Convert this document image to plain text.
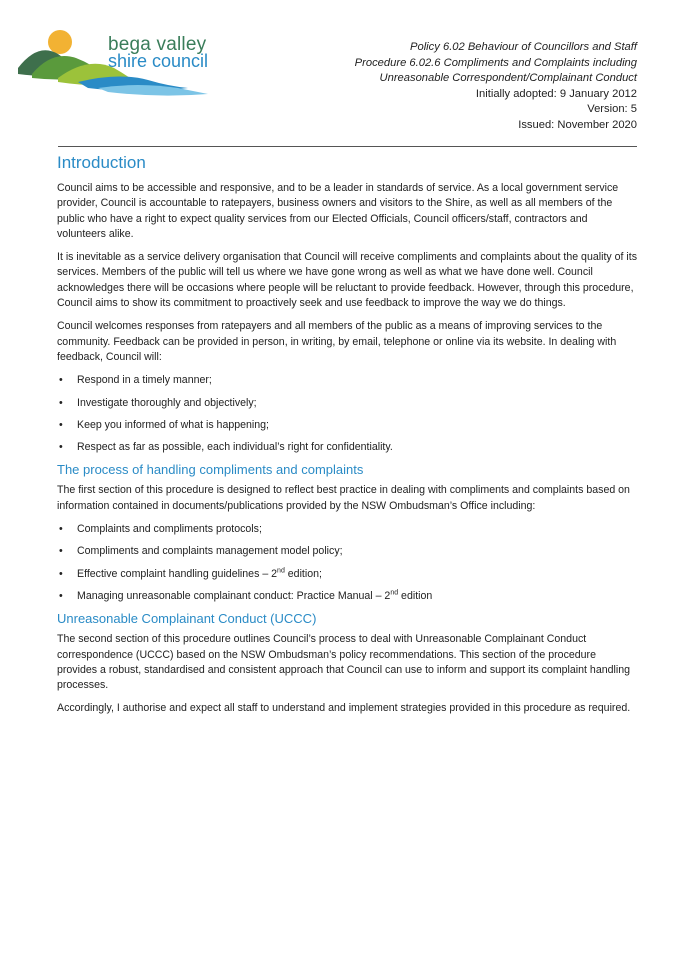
bega valley
shire council
Policy 6.02 Behaviour of Councillors and Staff
Procedure 6.02.6 Compliments and Complaints including
Unreasonable Correspondent/Complainant Conduct
Initially adopted: 9 January 2012
Version: 5
Issued: November 2020
Introduction

Council aims to be accessible and responsive, and to be a leader in standards of service. As a local government service provider, Council is accountable to ratepayers, business owners and visitors to the Shire, as well as all members of the public who have a right to expect quality services from our Elected Officials, Council officers/staff, contractors and volunteers alike.

It is inevitable as a service delivery organisation that Council will receive compliments and complaints about the quality of its services. Members of the public will tell us where we have gone wrong as well as what we have done well. Council acknowledges there will be occasions where people will be reluctant to provide feedback. However, through this procedure, Council aims to show its commitment to proactively seek and use feedback to improve the way we do things.

Council welcomes responses from ratepayers and all members of the public as a means of improving services to the community. Feedback can be provided in person, in writing, by email, telephone or online via its website. In dealing with feedback, Council will:

• Respond in a timely manner;
• Investigate thoroughly and objectively;
• Keep you informed of what is happening;
• Respect as far as possible, each individual’s right for confidentiality.
The process of handling compliments and complaints

The first section of this procedure is designed to reflect best practice in dealing with compliments and complaints based on information contained in documents/publications provided by the NSW Ombudsman’s Office including:

• Complaints and compliments protocols;
• Compliments and complaints management model policy;
• Effective complaint handling guidelines – 2nd edition;
• Managing unreasonable complainant conduct: Practice Manual – 2nd edition
Unreasonable Complainant Conduct (UCCC)

The second section of this procedure outlines Council’s process to deal with Unreasonable Complainant Conduct correspondence (UCCC) based on the NSW Ombudsman’s policy recommendations. This section of the procedure provides a robust, standardised and consistent approach that Council can use to inform and support its complaint handling processes.

Accordingly, I authorise and expect all staff to understand and implement strategies provided in this procedure as required.
